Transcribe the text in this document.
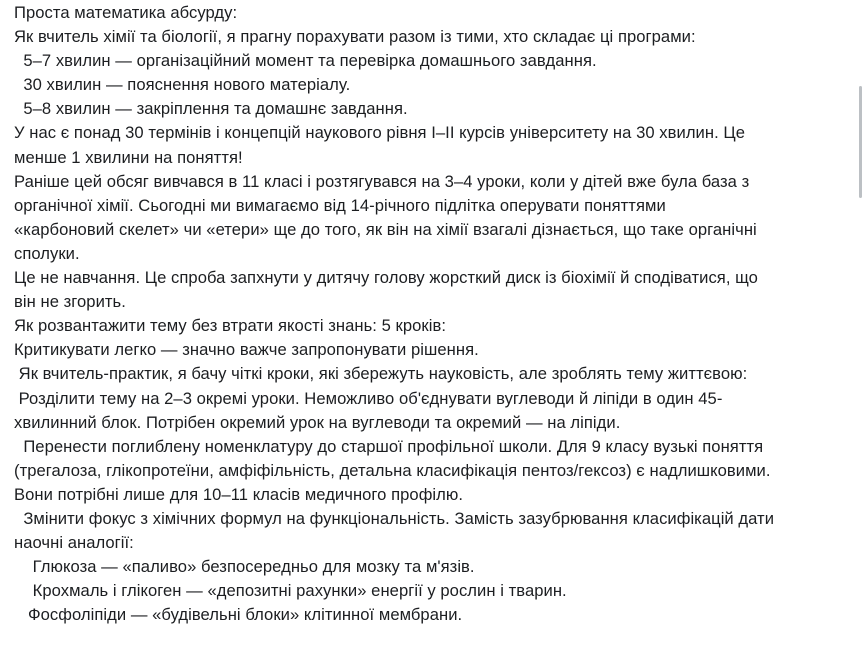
Проста математика абсурду:

Як вчитель хімії та біології, я прагну порахувати разом із тими, хто складає ці програми:

5–7 хвилин — організаційний момент та перевірка домашнього завдання.

30 хвилин — пояснення нового матеріалу.

5–8 хвилин — закріплення та домашнє завдання.

У нас є понад 30 термінів і концепцій наукового рівня I–II курсів університету на 30 хвилин. Це

менше 1 хвилини на поняття!

Раніше цей обсяг вивчався в 11 класі і розтягувався на 3–4 уроки, коли у дітей вже була база з

органічної хімії. Сьогодні ми вимагаємо від 14-річного підлітка оперувати поняттями

«карбоновий скелет» чи «етери» ще до того, як він на хімії взагалі дізнається, що таке органічні

сполуки.

Це не навчання. Це спроба запхнути у дитячу голову жорсткий диск із біохімії й сподіватися, що

він не згорить.

Як розвантажити тему без втрати якості знань: 5 кроків:

Критикувати легко — значно важче запропонувати рішення.

Як вчитель-практик, я бачу чіткі кроки, які збережуть науковість, але зроблять тему життєвою:

Розділити тему на 2–3 окремі уроки. Неможливо об'єднувати вуглеводи й ліпіди в один 45-

хвилинний блок. Потрібен окремий урок на вуглеводи та окремий — на ліпіди.

Перенести поглиблену номенклатуру до старшої профільної школи. Для 9 класу вузькі поняття

(трегалоза, глікопротеїни, амфіфільність, детальна класифікація пентоз/гексоз) є надлишковими.

Вони потрібні лише для 10–11 класів медичного профілю.

Змінити фокус з хімічних формул на функціональність. Замість зазубрювання класифікацій дати

наочні аналогії:

Глюкоза — «паливо» безпосередньо для мозку та м'язів.

Крохмаль і глікоген — «депозитні рахунки» енергії у рослин і тварин.

Фосфоліпіди — «будівельні блоки» клітинної мембрани.
